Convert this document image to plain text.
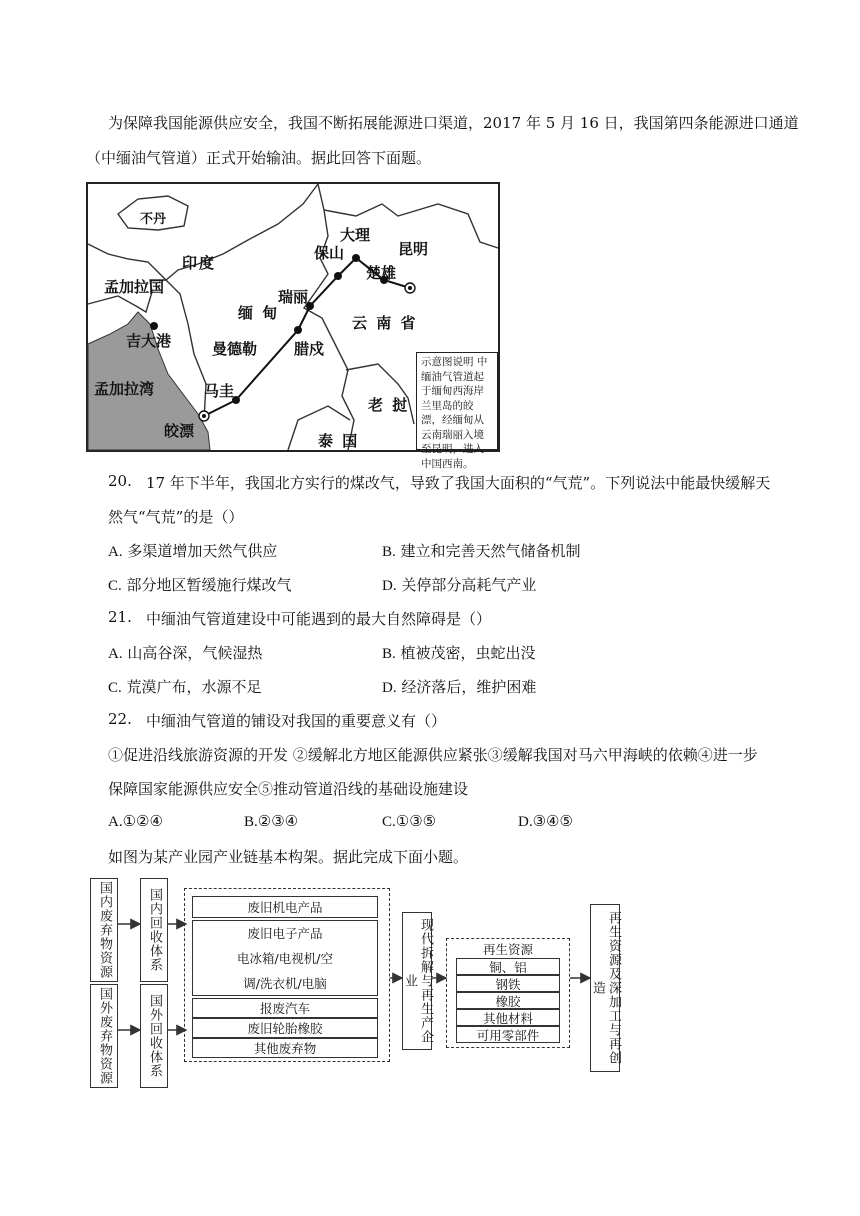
为保障我国能源供应安全，我国不断拓展能源进口渠道，2017 年 5 月 16 日，我国第四条能源进口通道
（中缅油气管道）正式开始输油。据此回答下面题。
不丹
印度
孟加拉国
大理
昆明
保山
楚雄
瑞丽
缅 甸
云 南 省
吉大港	曼德勒 腊戍
孟加拉湾	马圭
老 挝
皎漂
泰 国
示意图说明 中缅油气管道起于缅甸西海岸兰里岛的皎漂，经缅甸从云南瑞丽入境至昆明，进入中国西南。
20. 17 年下半年，我国北方实行的煤改气，导致了我国大面积的“气荒”。下列说法中能最快缓解天
然气“气荒”的是（）
A. 多渠道增加天然气供应	B. 建立和完善天然气储备机制
C. 部分地区暂缓施行煤改气	D. 关停部分高耗气产业
21. 中缅油气管道建设中可能遇到的最大自然障碍是（）
A. 山高谷深，气候湿热	B. 植被茂密，虫蛇出没
C. 荒漠广布，水源不足	D. 经济落后，维护困难
22. 中缅油气管道的铺设对我国的重要意义有（）
①促进沿线旅游资源的开发 ②缓解北方地区能源供应紧张③缓解我国对马六甲海峡的依赖④进一步
保障国家能源供应安全⑤推动管道沿线的基础设施建设
A.①②④	B.②③④	C.①③⑤	D.③④⑤
如图为某产业园产业链基本构架。据此完成下面小题。
国内废弃物资源
国外废弃物资源
国内回收体系
国外回收体系
废旧机电产品
废旧电子产品
电冰箱/电视机/空
调/洗衣机/电脑
报废汽车
废旧轮胎橡胶
其他废弃物
现代拆解与再生产企业
再生资源
铜、铝
钢铁
橡胶
其他材料
可用零部件	再生资源及深加工与再创造
